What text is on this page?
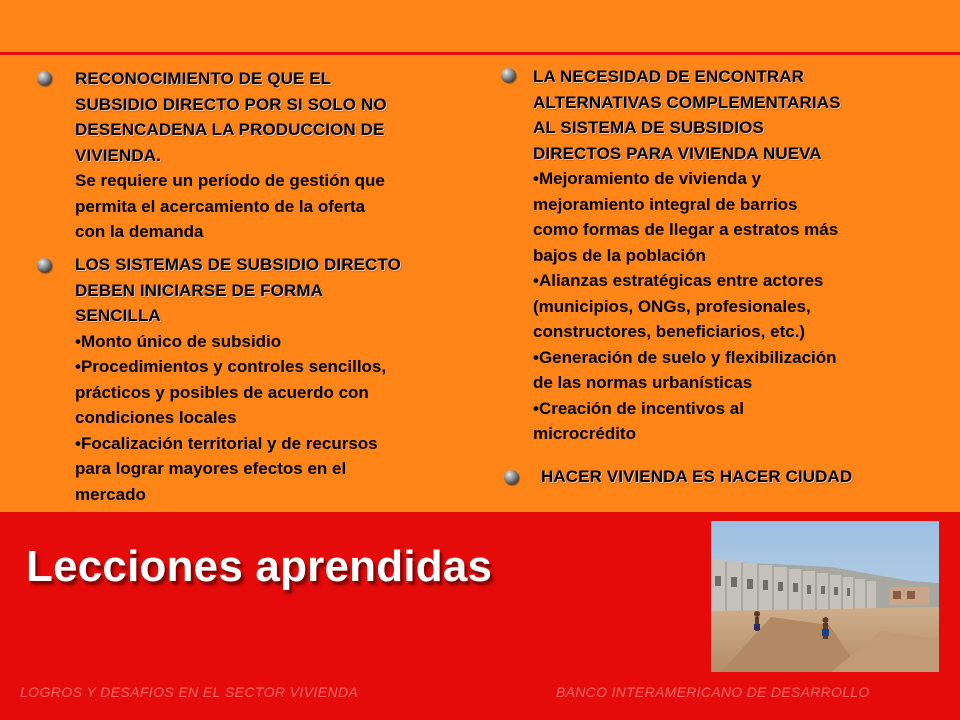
RECONOCIMIENTO DE QUE EL
SUBSIDIO DIRECTO POR SI SOLO NO
DESENCADENA LA PRODUCCION DE
VIVIENDA.
Se requiere un período de gestión que
permita el acercamiento de la oferta
con la demanda
LOS SISTEMAS DE SUBSIDIO DIRECTO
DEBEN INICIARSE DE FORMA
SENCILLA
• Monto único de subsidio
• Procedimientos y controles sencillos,
prácticos y posibles de acuerdo con
condiciones locales
• Focalización territorial y de recursos
para lograr mayores efectos en el
mercado
LA NECESIDAD DE ENCONTRAR
ALTERNATIVAS COMPLEMENTARIAS
AL SISTEMA DE SUBSIDIOS
DIRECTOS PARA VIVIENDA NUEVA
• Mejoramiento de vivienda y
mejoramiento integral de barrios
como formas de llegar a estratos más
bajos de la población
• Alianzas estratégicas entre actores
(municipios, ONGs, profesionales,
constructores, beneficiarios, etc.)
• Generación de suelo y flexibilización
de las normas urbanísticas
• Creación de incentivos al
microcrédito
HACER VIVIENDA ES HACER CIUDAD
Lecciones aprendidas
LOGROS Y DESAFIOS EN EL SECTOR VIVIENDA	BANCO INTERAMERICANO DE DESARROLLO
